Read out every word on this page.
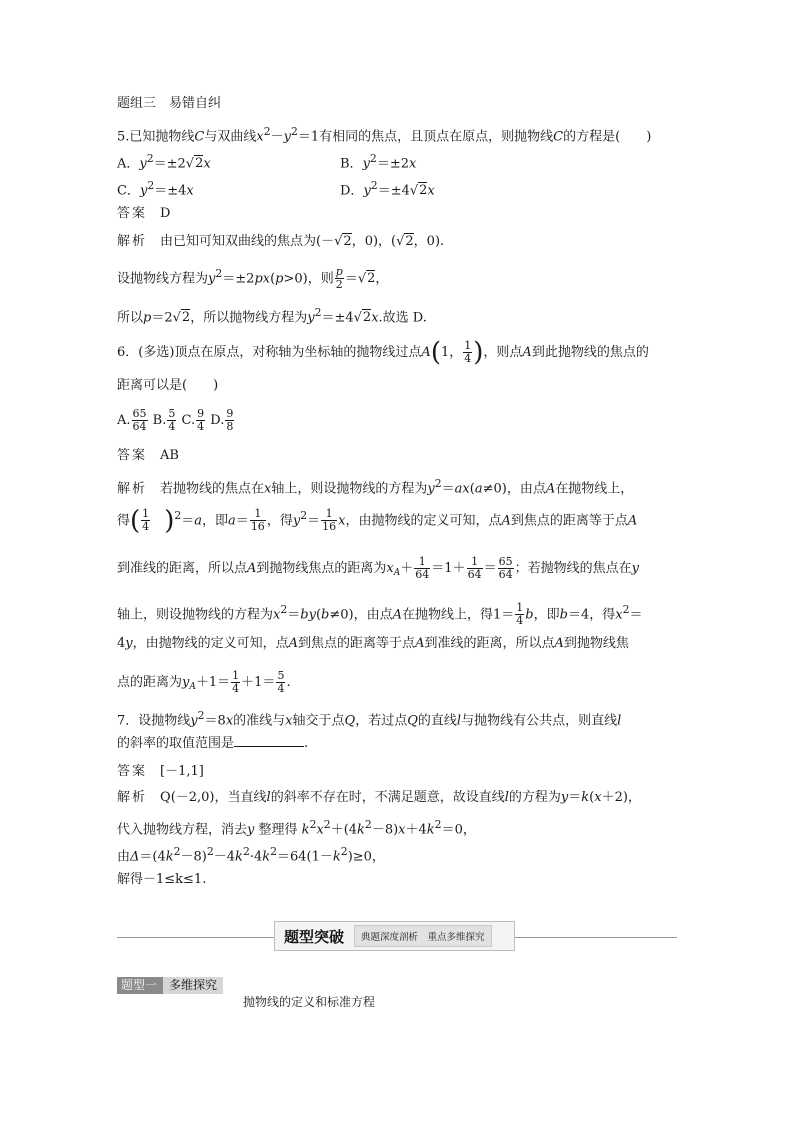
题组三　易错自纠
5.已知抛物线C与双曲线$x^2-y^2=1$有相同的焦点，且顶点在原点，则抛物线C的方程是(　　)
A．$y^2=\pm 2√2x$	B．$y^2=\pm 2x$
C．$y^2=\pm 4x$	D．$y^2=\pm 4√2x$
答案　 D
解析　 由已知可知双曲线的焦点为(－√2，0)，(√2，0).
设抛物线方程为$y^2=\pm 2px(p>0)$，则 $\frac{p}{2} =√2$，
所以p＝2√2，所以抛物线方程为$y^2=\pm 4√2x$.故选 D.
6．(多选)顶点在原点，对称轴为坐标轴的抛物线过点A(1， $\frac{1}{4}$ )，则点A到此抛物线的焦点的
距离可以是(　　)
A. $\frac{65}{64} B$. $\frac{5}{4} C$. $\frac{9}{4} D$. $\frac{9}{8}$
答案　 AB
解析　 若抛物线的焦点在x轴上，则设抛物线的方程为$y^2=ax(a\ne 0)$，由点A在抛物线上，
得( $\frac{1}{4}$
　 )$^2$＝a，即$a= \frac{1}{16}$ ，得$y^2= \frac{1}{16}$ x，由抛物线的定义可知，点A到焦点的距离等于点A
到准线的距离，所以点A到抛物线焦点的距离为$x_A+ \frac{1}{64} =1+ \frac{1}{64} = \frac{65}{64}$ ；若抛物线的焦点在y
轴上，则设抛物线的方程为$x^2=by(b\ne 0)$，由点A在抛物线上，得$1= \frac{1}{4}$ b，即b＝4，得$x^2=$
4y，由抛物线的定义可知，点A到焦点的距离等于点A到准线的距离，所以点A到抛物线焦
点的距离为$y_A+1= \frac{1}{4} +1= \frac{5}{4}$ .
7．设抛物线$y^2=8x$的准线与x轴交于点Q，若过点Q的直线l与抛物线有公共点，则直线l
的斜率的取值范围是	.
答案　 [－1,1]
解析　 Q(－2,0)，当直线l的斜率不存在时，不满足题意，故设直线l的方程为y＝k(x＋2)，
代入抛物线方程，消去y 整理得 $k^2x^2+(4k^2-8)x+4k^2=0$，
由$\Delta=(4k^2-8)^2-4k^2\cdot 4k^2=64(1-k^2)\ge 0$，
解得－1≤k≤1.
题型突破	典题深度剖析　重点多维探究
题型一	多维探究
抛物线的定义和标准方程
